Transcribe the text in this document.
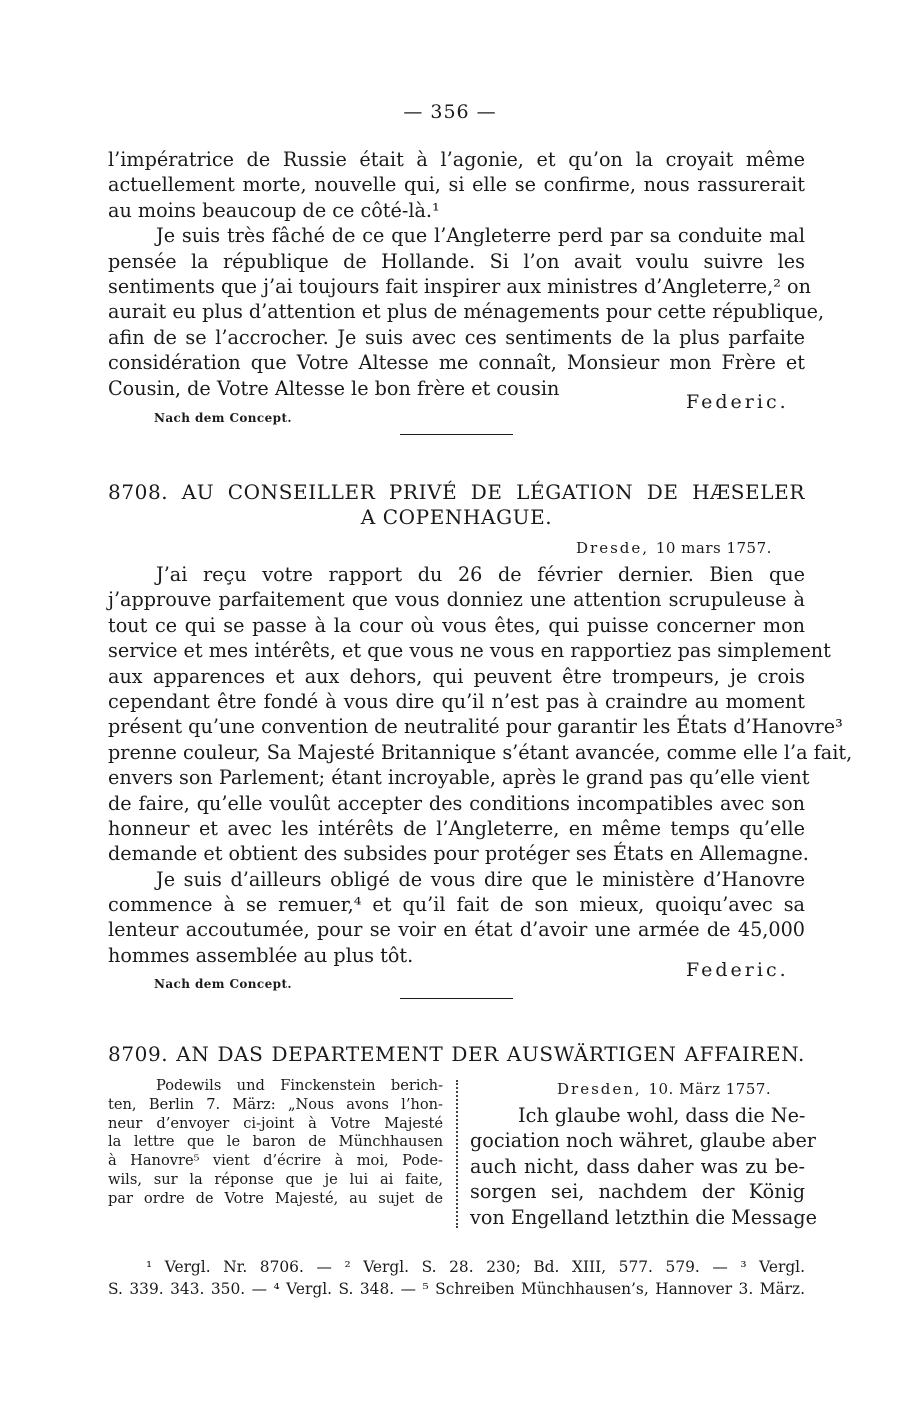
— 356 —
l’impératrice de Russie était à l’agonie, et qu’on la croyait même
actuellement morte, nouvelle qui, si elle se confirme, nous rassurerait
au moins beaucoup de ce côté-là.¹
Je suis très fâché de ce que l’Angleterre perd par sa conduite mal
pensée la république de Hollande. Si l’on avait voulu suivre les
sentiments que j’ai toujours fait inspirer aux ministres d’Angleterre,² on
aurait eu plus d’attention et plus de ménagements pour cette république,
afin de se l’accrocher. Je suis avec ces sentiments de la plus parfaite
considération que Votre Altesse me connaît, Monsieur mon Frère et
Cousin, de Votre Altesse le bon frère et cousin
Federic.
Nach dem Concept.
8708. AU CONSEILLER PRIVÉ DE LÉGATION DE HÆSELER
A COPENHAGUE.
Dresde, 10 mars 1757.
J’ai reçu votre rapport du 26 de février dernier. Bien que
j’approuve parfaitement que vous donniez une attention scrupuleuse à
tout ce qui se passe à la cour où vous êtes, qui puisse concerner mon
service et mes intérêts, et que vous ne vous en rapportiez pas simplement
aux apparences et aux dehors, qui peuvent être trompeurs, je crois
cependant être fondé à vous dire qu’il n’est pas à craindre au moment
présent qu’une convention de neutralité pour garantir les États d’Hanovre³
prenne couleur, Sa Majesté Britannique s’étant avancée, comme elle l’a fait,
envers son Parlement; étant incroyable, après le grand pas qu’elle vient
de faire, qu’elle voulût accepter des conditions incompatibles avec son
honneur et avec les intérêts de l’Angleterre, en même temps qu’elle
demande et obtient des subsides pour protéger ses États en Allemagne.
Je suis d’ailleurs obligé de vous dire que le ministère d’Hanovre
commence à se remuer,⁴ et qu’il fait de son mieux, quoiqu’avec sa
lenteur accoutumée, pour se voir en état d’avoir une armée de 45,000
hommes assemblée au plus tôt.
Federic.
Nach dem Concept.
8709. AN DAS DEPARTEMENT DER AUSWÄRTIGEN AFFAIREN.
Podewils und Finckenstein berich-
ten, Berlin 7. März: „Nous avons l’hon-
neur d’envoyer ci-joint à Votre Majesté
la lettre que le baron de Münchhausen
à Hanovre⁵ vient d’écrire à moi, Pode-
wils, sur la réponse que je lui ai faite,
par ordre de Votre Majesté, au sujet de
Dresden, 10. März 1757.
Ich glaube wohl, dass die Ne-
gociation noch währet, glaube aber
auch nicht, dass daher was zu be-
sorgen sei, nachdem der König
von Engelland letzthin die Message
¹ Vergl. Nr. 8706. — ² Vergl. S. 28. 230; Bd. XIII, 577. 579. — ³ Vergl.
S. 339. 343. 350. — ⁴ Vergl. S. 348. — ⁵ Schreiben Münchhausen’s, Hannover 3. März.
